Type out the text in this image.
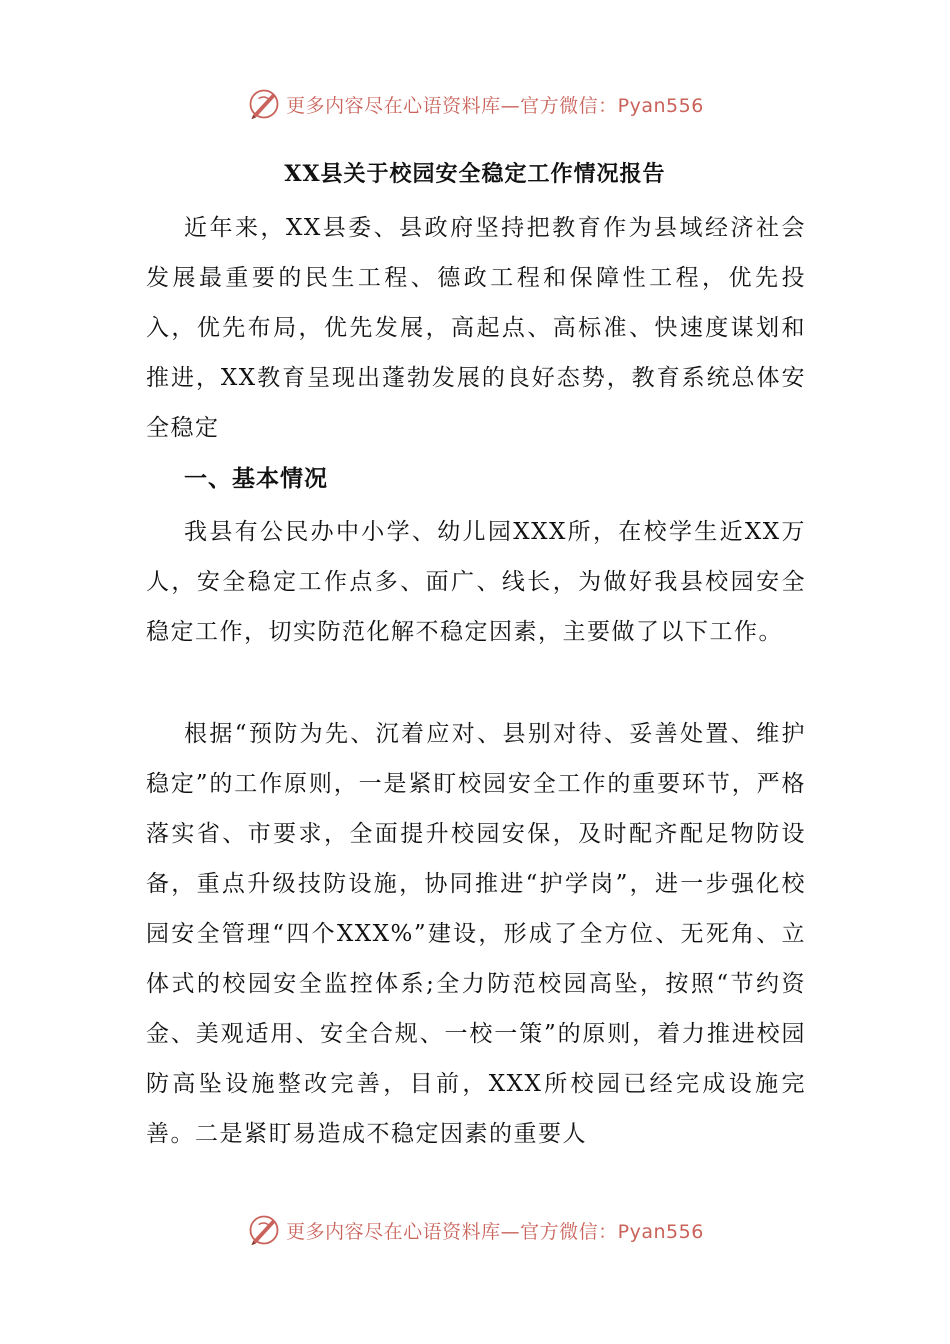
更多内容尽在心语资料库—官方微信：Pyan556
XX县关于校园安全稳定工作情况报告

近年来，XX县委、县政府坚持把教育作为县域经济社会发展最重要的民生工程、德政工程和保障性工程，优先投入，优先布局，优先发展，高起点、高标准、快速度谋划和推进，XX教育呈现出蓬勃发展的良好态势，教育系统总体安全稳定

一、基本情况

我县有公民办中小学、幼儿园XXX所，在校学生近XX万人，安全稳定工作点多、面广、线长，为做好我县校园安全稳定工作，切实防范化解不稳定因素，主要做了以下工作。

根据“预防为先、沉着应对、县别对待、妥善处置、维护稳定”的工作原则，一是紧盯校园安全工作的重要环节，严格落实省、市要求，全面提升校园安保，及时配齐配足物防设备，重点升级技防设施，协同推进“护学岗”，进一步强化校园安全管理“四个XXX%”建设，形成了全方位、无死角、立体式的校园安全监控体系;全力防范校园高坠，按照“节约资金、美观适用、安全合规、一校一策”的原则，着力推进校园防高坠设施整改完善，目前，XXX所校园已经完成设施完善。二是紧盯易造成不稳定因素的重要人

更多内容尽在心语资料库—官方微信：Pyan556
